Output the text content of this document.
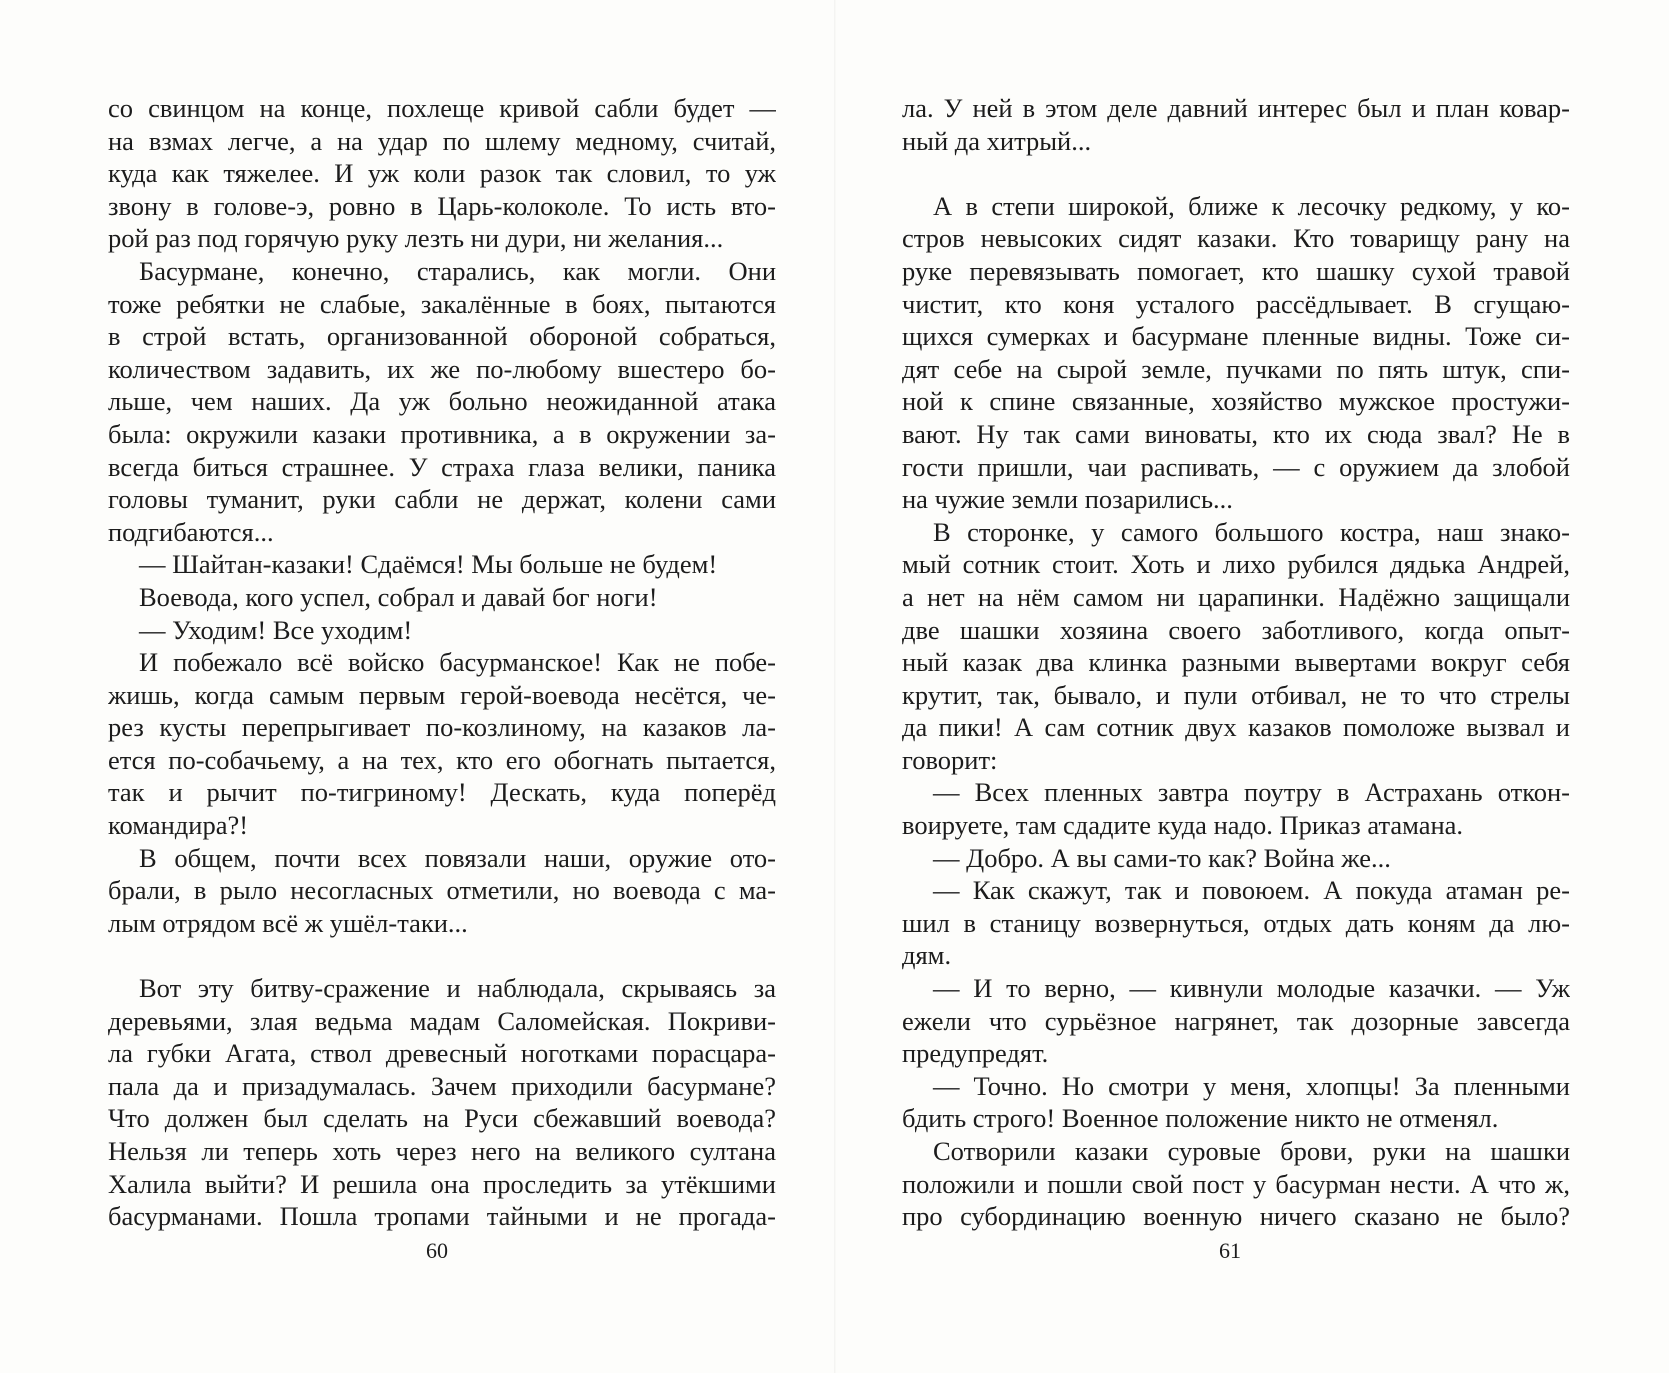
со свинцом на конце, похлеще кривой сабли будет —
на взмах легче, а на удар по шлему медному, считай,
куда как тяжелее. И уж коли разок так словил, то уж
звону в голове-э, ровно в Царь-колоколе. То исть вто-
рой раз под горячую руку лезть ни дури, ни желания...
Басурмане, конечно, старались, как могли. Они
тоже ребятки не слабые, закалённые в боях, пытаются
в строй встать, организованной обороной собраться,
количеством задавить, их же по-любому вшестеро бо-
льше, чем наших. Да уж больно неожиданной атака
была: окружили казаки противника, а в окружении за-
всегда биться страшнее. У страха глаза велики, паника
головы туманит, руки сабли не держат, колени сами
подгибаются...
— Шайтан-казаки! Сдаёмся! Мы больше не будем!
Воевода, кого успел, собрал и давай бог ноги!
— Уходим! Все уходим!
И побежало всё войско басурманское! Как не побе-
жишь, когда самым первым герой-воевода несётся, че-
рез кусты перепрыгивает по-козлиному, на казаков ла-
ется по-собачьему, а на тех, кто его обогнать пытается,
так и рычит по-тигриному! Дескать, куда поперёд
командира?!
В общем, почти всех повязали наши, оружие ото-
брали, в рыло несогласных отметили, но воевода с ма-
лым отрядом всё ж ушёл-таки...
Вот эту битву-сражение и наблюдала, скрываясь за
деревьями, злая ведьма мадам Саломейская. Покриви-
ла губки Агата, ствол древесный ноготками порасцара-
пала да и призадумалась. Зачем приходили басурмане?
Что должен был сделать на Руси сбежавший воевода?
Нельзя ли теперь хоть через него на великого султана
Халила выйти? И решила она проследить за утёкшими
басурманами. Пошла тропами тайными и не прогада-
ла. У ней в этом деле давний интерес был и план ковар-
ный да хитрый...
А в степи широкой, ближе к лесочку редкому, у ко-
стров невысоких сидят казаки. Кто товарищу рану на
руке перевязывать помогает, кто шашку сухой травой
чистит, кто коня усталого рассёдлывает. В сгущаю-
щихся сумерках и басурмане пленные видны. Тоже си-
дят себе на сырой земле, пучками по пять штук, спи-
ной к спине связанные, хозяйство мужское простужи-
вают. Ну так сами виноваты, кто их сюда звал? Не в
гости пришли, чаи распивать, — с оружием да злобой
на чужие земли позарились...
В сторонке, у самого большого костра, наш знако-
мый сотник стоит. Хоть и лихо рубился дядька Андрей,
а нет на нём самом ни царапинки. Надёжно защищали
две шашки хозяина своего заботливого, когда опыт-
ный казак два клинка разными вывертами вокруг себя
крутит, так, бывало, и пули отбивал, не то что стрелы
да пики! А сам сотник двух казаков помоложе вызвал и
говорит:
— Всех пленных завтра поутру в Астрахань откон-
воируете, там сдадите куда надо. Приказ атамана.
— Добро. А вы сами-то как? Война же...
— Как скажут, так и повоюем. А покуда атаман ре-
шил в станицу возвернуться, отдых дать коням да лю-
дям.
— И то верно, — кивнули молодые казачки. — Уж
ежели что сурьёзное нагрянет, так дозорные завсегда
предупредят.
— Точно. Но смотри у меня, хлопцы! За пленными
бдить строго! Военное положение никто не отменял.
Сотворили казаки суровые брови, руки на шашки
положили и пошли свой пост у басурман нести. А что ж,
про субординацию военную ничего сказано не было?
60	61
